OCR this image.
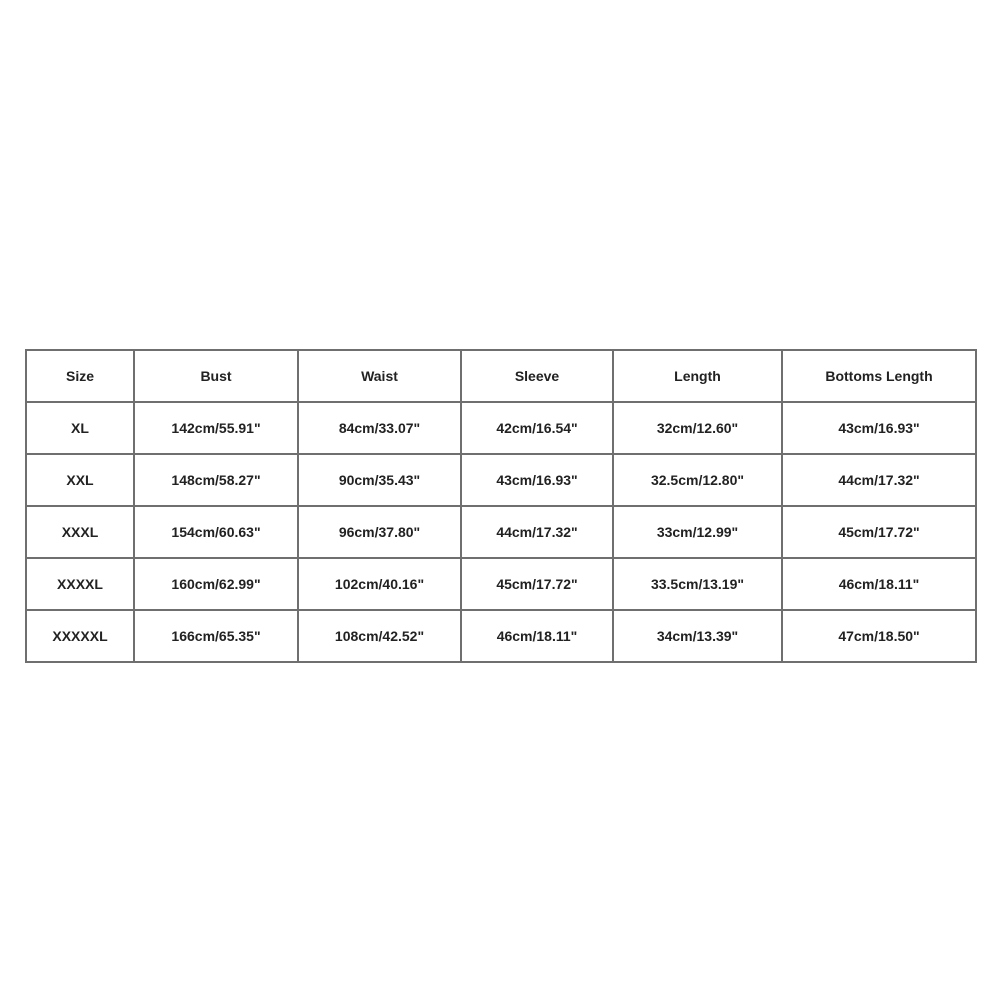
Size	Bust	Waist	Sleeve	Length	Bottoms Length
XL	142cm/55.91"	84cm/33.07"	42cm/16.54"	32cm/12.60"	43cm/16.93"
XXL	148cm/58.27"	90cm/35.43"	43cm/16.93"	32.5cm/12.80"	44cm/17.32"
XXXL	154cm/60.63"	96cm/37.80"	44cm/17.32"	33cm/12.99"	45cm/17.72"
XXXXL	160cm/62.99"	102cm/40.16"	45cm/17.72"	33.5cm/13.19"	46cm/18.11"
XXXXXL	166cm/65.35"	108cm/42.52"	46cm/18.11"	34cm/13.39"	47cm/18.50"
